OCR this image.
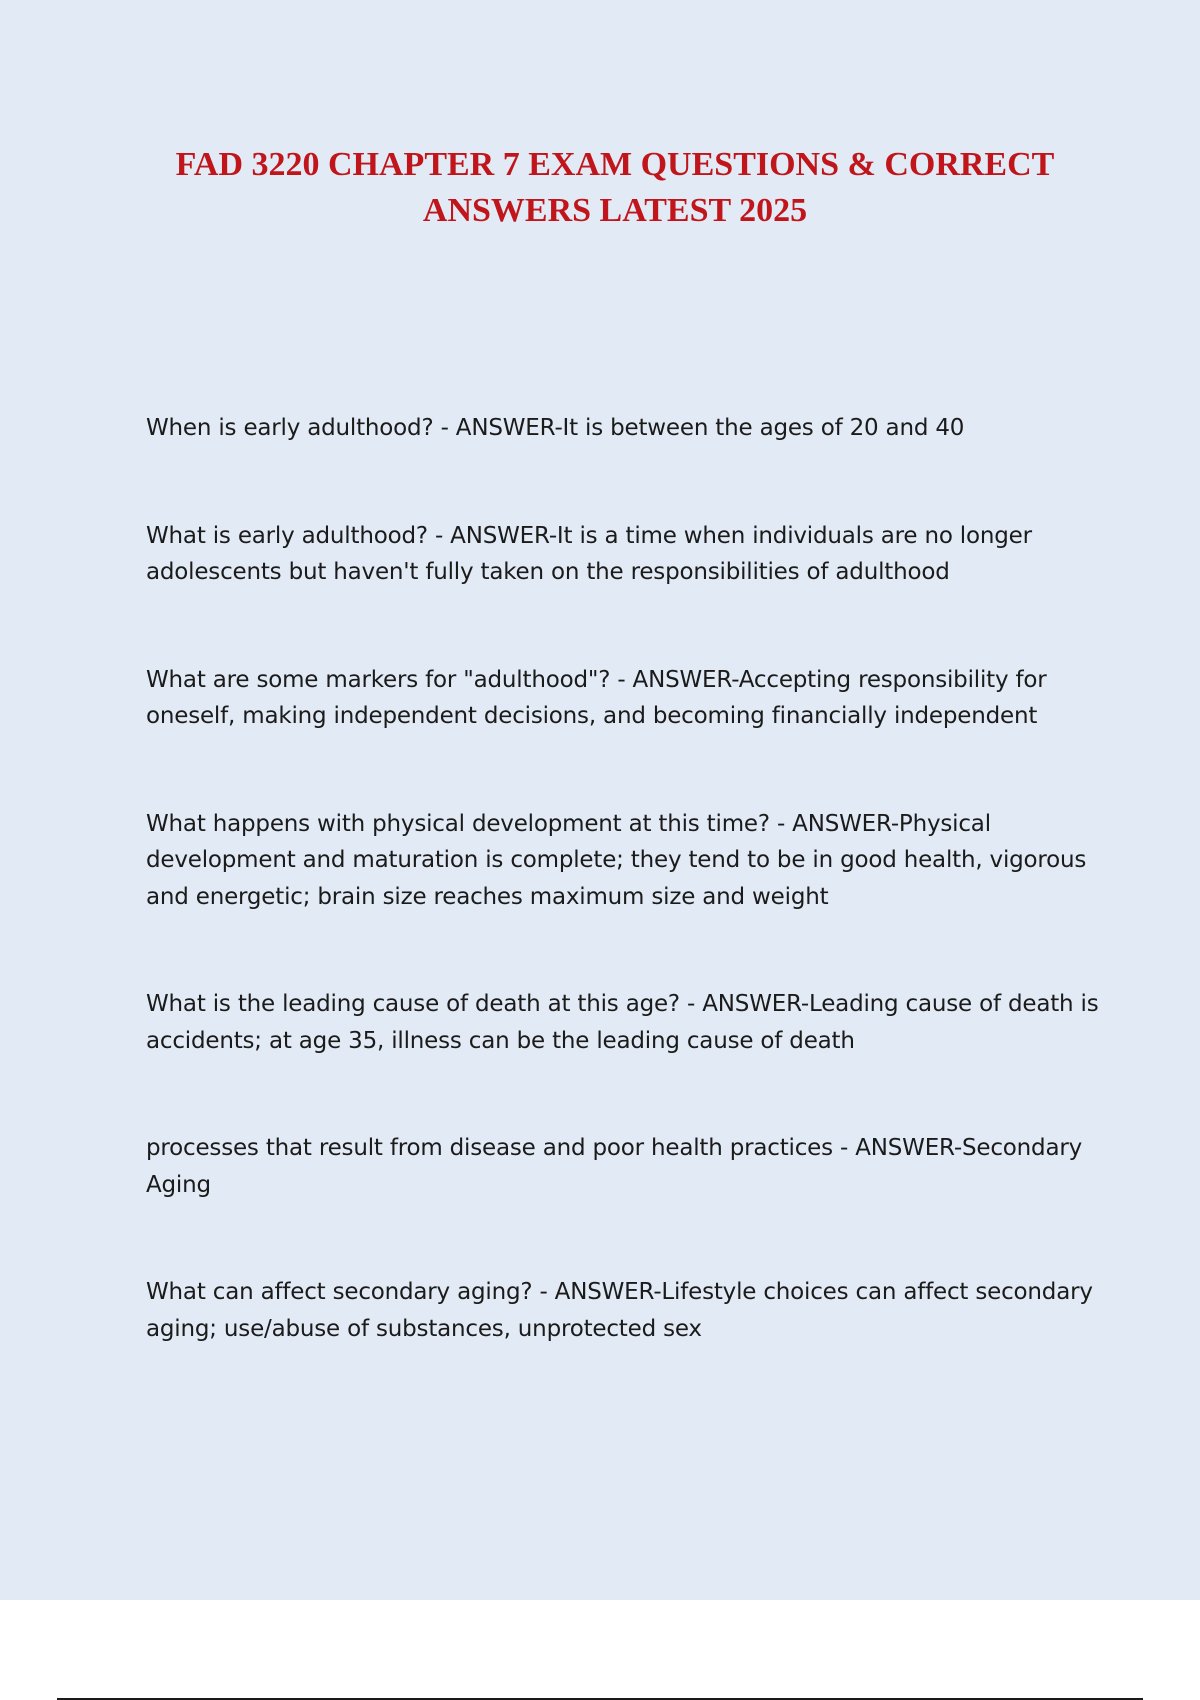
FAD 3220 CHAPTER 7 EXAM QUESTIONS & CORRECT ANSWERS LATEST 2025
When is early adulthood? - ANSWER-It is between the ages of 20 and 40
What is early adulthood? - ANSWER-It is a time when individuals are no longer adolescents but haven't fully taken on the responsibilities of adulthood
What are some markers for "adulthood"? - ANSWER-Accepting responsibility for oneself, making independent decisions, and becoming financially independent
What happens with physical development at this time? - ANSWER-Physical development and maturation is complete; they tend to be in good health, vigorous and energetic; brain size reaches maximum size and weight
What is the leading cause of death at this age? - ANSWER-Leading cause of death is accidents; at age 35, illness can be the leading cause of death
processes that result from disease and poor health practices - ANSWER-Secondary Aging
What can affect secondary aging? - ANSWER-Lifestyle choices can affect secondary aging; use/abuse of substances, unprotected sex
